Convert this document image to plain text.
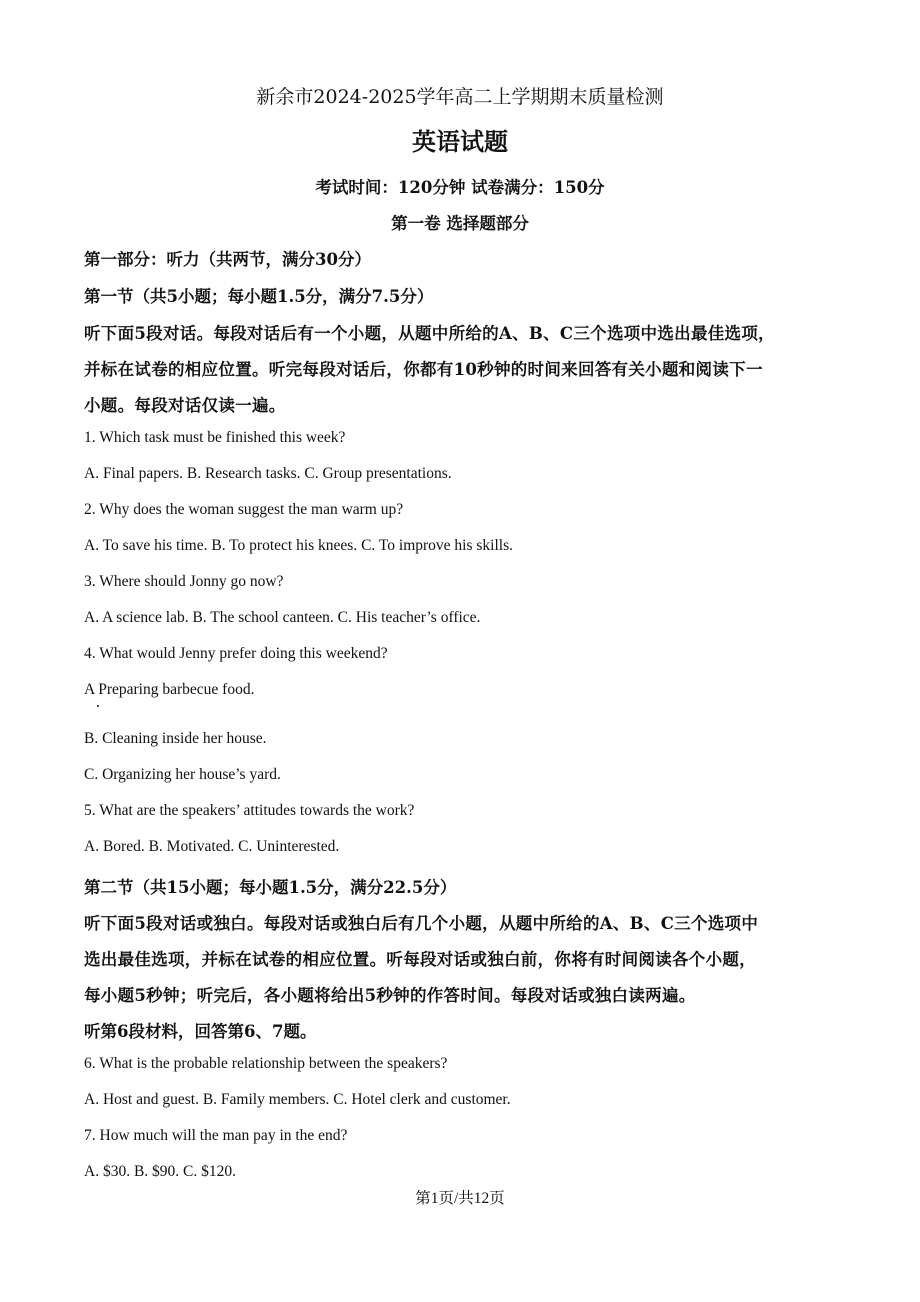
新余市2024-2025学年高二上学期期末质量检测
英语试题
考试时间：120分钟 试卷满分：150分
第一卷 选择题部分
第一部分：听力（共两节，满分30分）
第一节（共5小题；每小题1.5分，满分7.5分）
听下面5段对话。每段对话后有一个小题，从题中所给的A、B、C三个选项中选出最佳选项，
并标在试卷的相应位置。听完每段对话后，你都有10秒钟的时间来回答有关小题和阅读下一
小题。每段对话仅读一遍。
1. Which task must be finished this week?
A. Final papers. B. Research tasks. C. Group presentations.
2. Why does the woman suggest the man warm up?
A. To save his time. B. To protect his knees. C. To improve his skills.
3. Where should Jonny go now?
A. A science lab. B. The school canteen. C. His teacher’s office.
4. What would Jenny prefer doing this weekend?
A Preparing barbecue food.
B. Cleaning inside her house.
C. Organizing her house’s yard.
5. What are the speakers’ attitudes towards the work?
A. Bored. B. Motivated. C. Uninterested.
第二节（共15小题；每小题1.5分，满分22.5分）
听下面5段对话或独白。每段对话或独白后有几个小题，从题中所给的A、B、C三个选项中
选出最佳选项，并标在试卷的相应位置。听每段对话或独白前，你将有时间阅读各个小题，
每小题5秒钟；听完后，各小题将给出5秒钟的作答时间。每段对话或独白读两遍。
听第6段材料，回答第6、7题。
6. What is the probable relationship between the speakers?
A. Host and guest. B. Family members. C. Hotel clerk and customer.
7. How much will the man pay in the end?
A. $30. B. $90. C. $120.
第1页/共12页
